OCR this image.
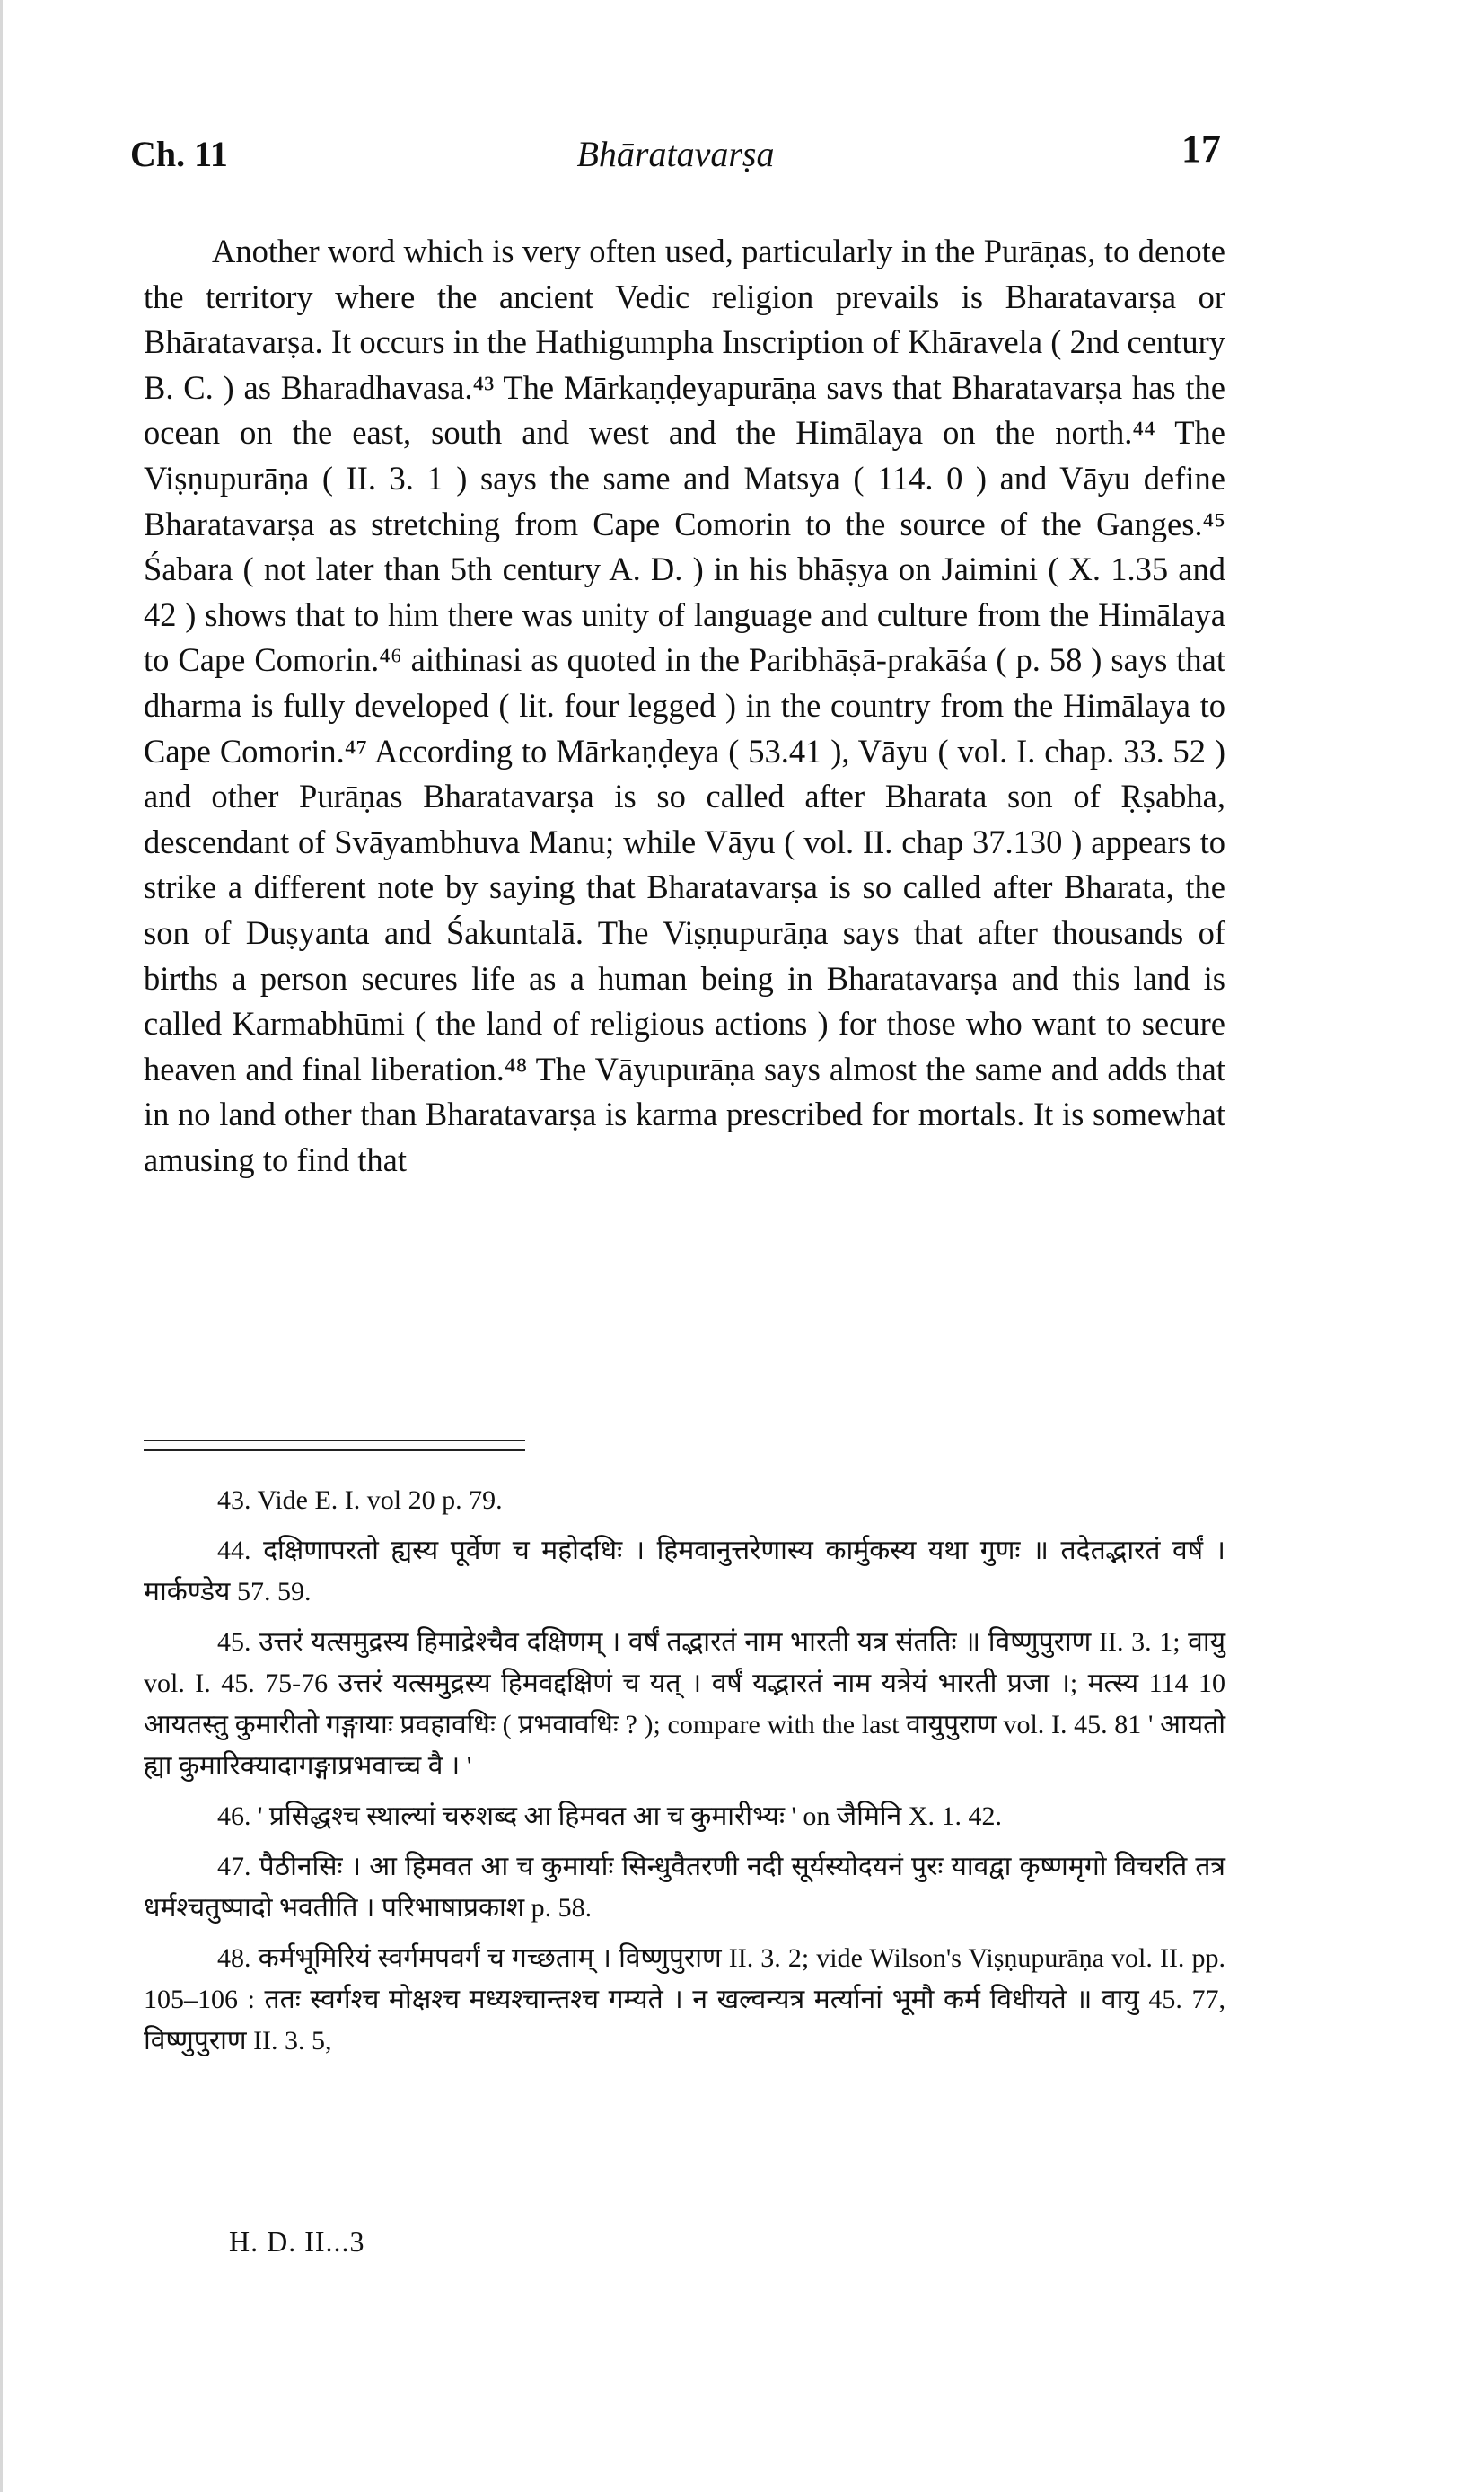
Ch. 11	Bhāratavarṣa	17

Another word which is very often used, particularly in the Purāṇas, to denote the territory where the ancient Vedic religion prevails is Bharatavarṣa or Bhāratavarṣa. It occurs in the Hathigumpha Inscription of Khāravela ( 2nd century B. C. ) as Bharadhavasa.⁴³ The Mārkaṇḍeyapurāṇa savs that Bharatavarṣa has the ocean on the east, south and west and the Himālaya on the north.⁴⁴ The Viṣṇupurāṇa ( II. 3. 1 ) says the same and Matsya ( 114. 0 ) and Vāyu define Bharatavarṣa as stretching from Cape Comorin to the source of the Ganges.⁴⁵ Śabara ( not later than 5th century A. D. ) in his bhāṣya on Jaimini ( X. 1.35 and 42 ) shows that to him there was unity of language and culture from the Himālaya to Cape Comorin.⁴⁶ aithinasi as quoted in the Paribhāṣā-prakāśa ( p. 58 ) says that dharma is fully developed ( lit. four legged ) in the country from the Himālaya to Cape Comorin.⁴⁷ According to Mārkaṇḍeya ( 53.41 ), Vāyu ( vol. I. chap. 33. 52 ) and other Purāṇas Bharatavarṣa is so called after Bharata son of Ṛṣabha, descendant of Svāyambhuva Manu; while Vāyu ( vol. II. chap 37.130 ) appears to strike a different note by saying that Bharatavarṣa is so called after Bharata, the son of Duṣyanta and Śakuntalā. The Viṣṇupurāṇa says that after thousands of births a person secures life as a human being in Bharatavarṣa and this land is called Karmabhūmi ( the land of religious actions ) for those who want to secure heaven and final liberation.⁴⁸ The Vāyupurāṇa says almost the same and adds that in no land other than Bharatavarṣa is karma prescribed for mortals. It is somewhat amusing to find that

43. Vide E. I. vol 20 p. 79.

44. दक्षिणापरतो ह्यस्य पूर्वेण च महोदधिः । हिमवानुत्तरेणास्य कार्मुकस्य यथा गुणः ॥ तदेतद्भारतं वर्षं । मार्कण्डेय 57. 59.

45. उत्तरं यत्समुद्रस्य हिमाद्रेश्चैव दक्षिणम् । वर्षं तद्भारतं नाम भारती यत्र संततिः ॥ विष्णुपुराण II. 3. 1; वायु vol. I. 45. 75-76 उत्तरं यत्समुद्रस्य हिमवद्दक्षिणं च यत् । वर्षं यद्भारतं नाम यत्रेयं भारती प्रजा ।; मत्स्य 114 10 आयतस्तु कुमारीतो गङ्गायाः प्रवहावधिः ( प्रभवावधिः ? ); compare with the last वायुपुराण vol. I. 45. 81 ' आयतो ह्या कुमारिक्यादागङ्गाप्रभवाच्च वै । '

46. ' प्रसिद्धश्च स्थाल्यां चरुशब्द आ हिमवत आ च कुमारीभ्यः ' on जैमिनि X. 1. 42.

47. पैठीनसिः । आ हिमवत आ च कुमार्याः सिन्धुवैतरणी नदी सूर्यस्योदयनं पुरः यावद्वा कृष्णमृगो विचरति तत्र धर्मश्चतुष्पादो भवतीति । परिभाषाप्रकाश p. 58.

48. कर्मभूमिरियं स्वर्गमपवर्गं च गच्छताम् । विष्णुपुराण II. 3. 2; vide Wilson's Viṣṇupurāṇa vol. II. pp. 105–106 : ततः स्वर्गश्च मोक्षश्च मध्यश्चान्तश्च गम्यते । न खल्वन्यत्र मर्त्यानां भूमौ कर्म विधीयते ॥ वायु 45. 77, विष्णुपुराण II. 3. 5,

H. D. II...3
